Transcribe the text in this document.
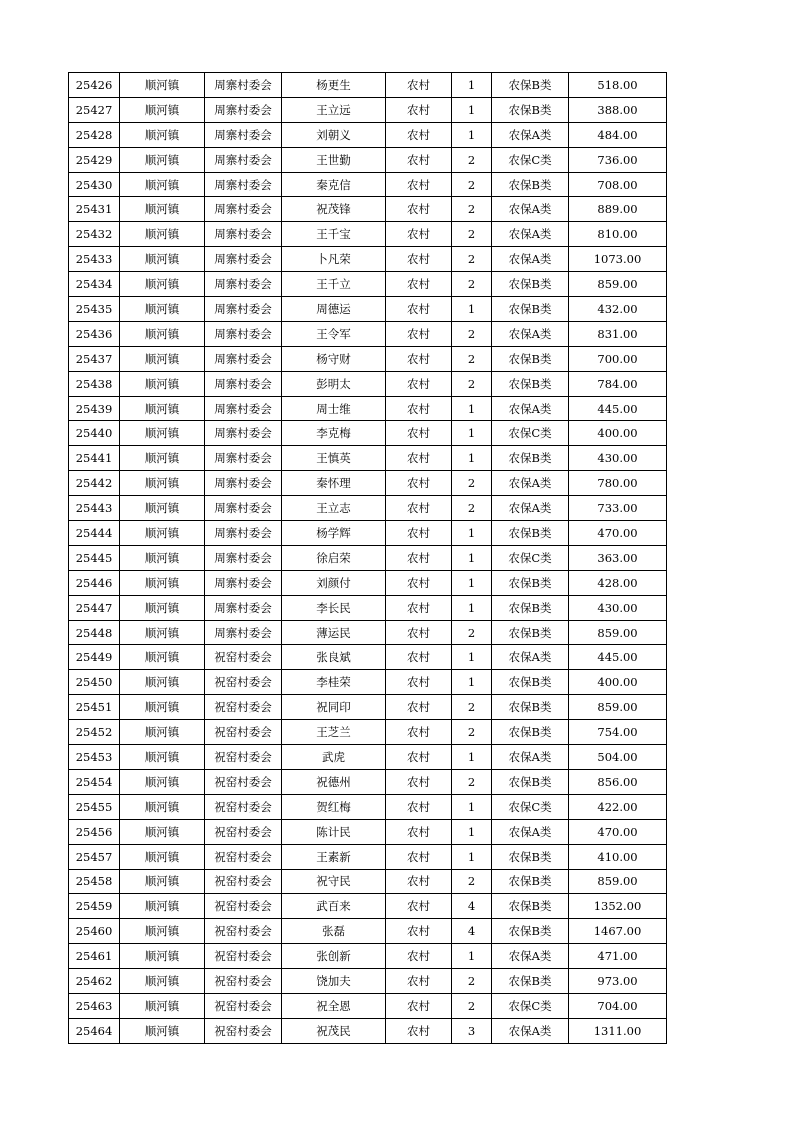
25426	顺河镇	周寨村委会	杨更生	农村	1	农保B类	518.00
25427	顺河镇	周寨村委会	王立远	农村	1	农保B类	388.00
25428	顺河镇	周寨村委会	刘朝义	农村	1	农保A类	484.00
25429	顺河镇	周寨村委会	王世勤	农村	2	农保C类	736.00
25430	顺河镇	周寨村委会	秦克信	农村	2	农保B类	708.00
25431	顺河镇	周寨村委会	祝茂锋	农村	2	农保A类	889.00
25432	顺河镇	周寨村委会	王千宝	农村	2	农保A类	810.00
25433	顺河镇	周寨村委会	卜凡荣	农村	2	农保A类	1073.00
25434	顺河镇	周寨村委会	王千立	农村	2	农保B类	859.00
25435	顺河镇	周寨村委会	周德运	农村	1	农保B类	432.00
25436	顺河镇	周寨村委会	王令军	农村	2	农保A类	831.00
25437	顺河镇	周寨村委会	杨守财	农村	2	农保B类	700.00
25438	顺河镇	周寨村委会	彭明太	农村	2	农保B类	784.00
25439	顺河镇	周寨村委会	周士维	农村	1	农保A类	445.00
25440	顺河镇	周寨村委会	李克梅	农村	1	农保C类	400.00
25441	顺河镇	周寨村委会	王慎英	农村	1	农保B类	430.00
25442	顺河镇	周寨村委会	秦怀理	农村	2	农保A类	780.00
25443	顺河镇	周寨村委会	王立志	农村	2	农保A类	733.00
25444	顺河镇	周寨村委会	杨学辉	农村	1	农保B类	470.00
25445	顺河镇	周寨村委会	徐启荣	农村	1	农保C类	363.00
25446	顺河镇	周寨村委会	刘颜付	农村	1	农保B类	428.00
25447	顺河镇	周寨村委会	李长民	农村	1	农保B类	430.00
25448	顺河镇	周寨村委会	薄运民	农村	2	农保B类	859.00
25449	顺河镇	祝窑村委会	张良斌	农村	1	农保A类	445.00
25450	顺河镇	祝窑村委会	李桂荣	农村	1	农保B类	400.00
25451	顺河镇	祝窑村委会	祝同印	农村	2	农保B类	859.00
25452	顺河镇	祝窑村委会	王芝兰	农村	2	农保B类	754.00
25453	顺河镇	祝窑村委会	武虎	农村	1	农保A类	504.00
25454	顺河镇	祝窑村委会	祝德州	农村	2	农保B类	856.00
25455	顺河镇	祝窑村委会	贺红梅	农村	1	农保C类	422.00
25456	顺河镇	祝窑村委会	陈计民	农村	1	农保A类	470.00
25457	顺河镇	祝窑村委会	王素新	农村	1	农保B类	410.00
25458	顺河镇	祝窑村委会	祝守民	农村	2	农保B类	859.00
25459	顺河镇	祝窑村委会	武百来	农村	4	农保B类	1352.00
25460	顺河镇	祝窑村委会	张磊	农村	4	农保B类	1467.00
25461	顺河镇	祝窑村委会	张创新	农村	1	农保A类	471.00
25462	顺河镇	祝窑村委会	饶加夫	农村	2	农保B类	973.00
25463	顺河镇	祝窑村委会	祝全恩	农村	2	农保C类	704.00
25464	顺河镇	祝窑村委会	祝茂民	农村	3	农保A类	1311.00
